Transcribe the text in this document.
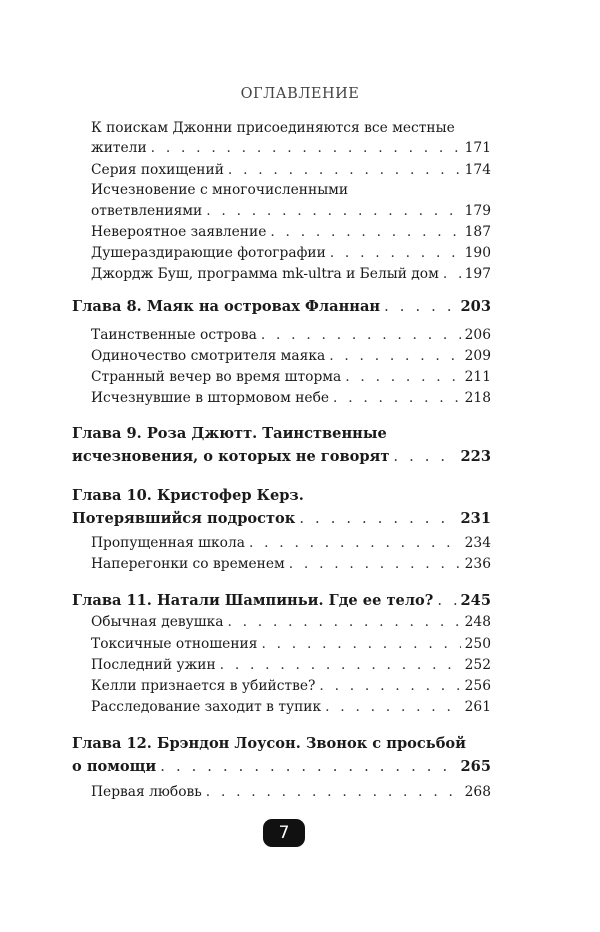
ОГЛАВЛЕНИЕ
К поискам Джонни присоединяются все местные
жители . . .	171
Серия похищений . . .	174
Исчезновение с многочисленными
ответвлениями . . .	179
Невероятное заявление . . .	187
Душераздирающие фотографии . . .	190
Джордж Буш, программа mk-ultra и Белый дом . . . 197
Глава 8. Маяк на островах Фланнан . . .	203
Таинственные острова . . .	206
Одиночество смотрителя маяка . . .	209
Странный вечер во время шторма . . .	211
Исчезнувшие в штормовом небе . . .	218
Глава 9. Роза Джютт. Таинственные
исчезновения, о которых не говорят . . .	223
Глава 10. Кристофер Керз.
Потерявшийся подросток . . .	231
Пропущенная школа . . .	234
Наперегонки со временем . . .	236
Глава 11. Натали Шампиньи. Где ее тело? . . . 245
Обычная девушка . . .	248
Токсичные отношения . . .	250
Последний ужин . . .	252
Келли признается в убийстве? . . .	256
Расследование заходит в тупик . . .	261
Глава 12. Брэндон Лоусон. Звонок с просьбой
о помощи . . .	265
Первая любовь . . .	268
7
